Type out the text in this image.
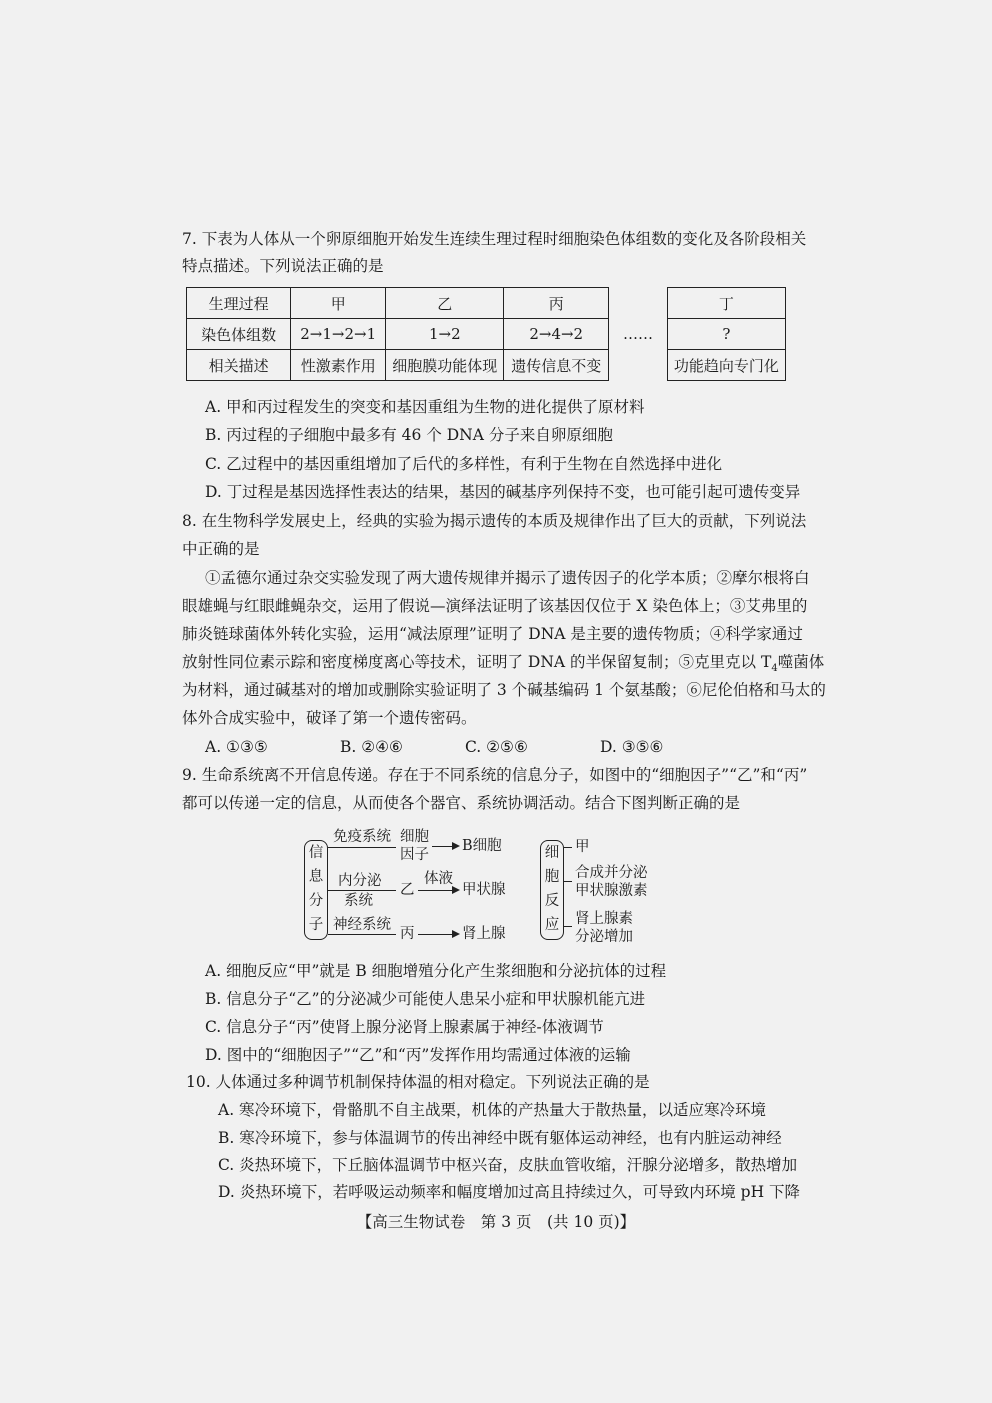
7. 下表为人体从一个卵原细胞开始发生连续生理过程时细胞染色体组数的变化及各阶段相关
特点描述。下列说法正确的是
生理过程	甲	乙	丙	……	丁
染色体组数	2→1→2→1	1→2	2→4→2		?
相关描述	性激素作用	细胞膜功能体现	遗传信息不变		功能趋向专门化
A. 甲和丙过程发生的突变和基因重组为生物的进化提供了原材料
B. 丙过程的子细胞中最多有 46 个 DNA 分子来自卵原细胞
C. 乙过程中的基因重组增加了后代的多样性，有利于生物在自然选择中进化
D. 丁过程是基因选择性表达的结果，基因的碱基序列保持不变，也可能引起可遗传变异
8. 在生物科学发展史上，经典的实验为揭示遗传的本质及规律作出了巨大的贡献，下列说法
中正确的是
①孟德尔通过杂交实验发现了两大遗传规律并揭示了遗传因子的化学本质；②摩尔根将白
眼雄蝇与红眼雌蝇杂交，运用了假说—演绎法证明了该基因仅位于 X 染色体上；③艾弗里的
肺炎链球菌体外转化实验，运用“减法原理”证明了 DNA 是主要的遗传物质；④科学家通过
放射性同位素示踪和密度梯度离心等技术，证明了 DNA 的半保留复制；⑤克里克以 $T_4$噬菌体
为材料，通过碱基对的增加或删除实验证明了 3 个碱基编码 1 个氨基酸；⑥尼伦伯格和马太的
体外合成实验中，破译了第一个遗传密码。
A. ①③⑤	B. ②④⑥	C. ②⑤⑥	D. ③⑤⑥
9. 生命系统离不开信息传递。存在于不同系统的信息分子，如图中的“细胞因子”“乙”和“丙”
都可以传递一定的信息，从而使各个器官、系统协调活动。结合下图判断正确的是
信
息
分
子
免疫系统 细胞
因子
B细胞
内分泌
系统
乙
体液
甲状腺
神经系统
丙	肾上腺
细
胞
反
应
甲
合成并分泌
甲状腺激素
肾上腺素
分泌增加
A. 细胞反应“甲”就是 B 细胞增殖分化产生浆细胞和分泌抗体的过程
B. 信息分子“乙”的分泌减少可能使人患呆小症和甲状腺机能亢进
C. 信息分子“丙”使肾上腺分泌肾上腺素属于神经-体液调节
D. 图中的“细胞因子”“乙”和“丙”发挥作用均需通过体液的运输
10. 人体通过多种调节机制保持体温的相对稳定。下列说法正确的是
A. 寒冷环境下，骨骼肌不自主战栗，机体的产热量大于散热量，以适应寒冷环境
B. 寒冷环境下，参与体温调节的传出神经中既有躯体运动神经，也有内脏运动神经
C. 炎热环境下，下丘脑体温调节中枢兴奋，皮肤血管收缩，汗腺分泌增多，散热增加
D. 炎热环境下，若呼吸运动频率和幅度增加过高且持续过久，可导致内环境 pH 下降
【高三生物试卷　第 3 页　(共 10 页)】
